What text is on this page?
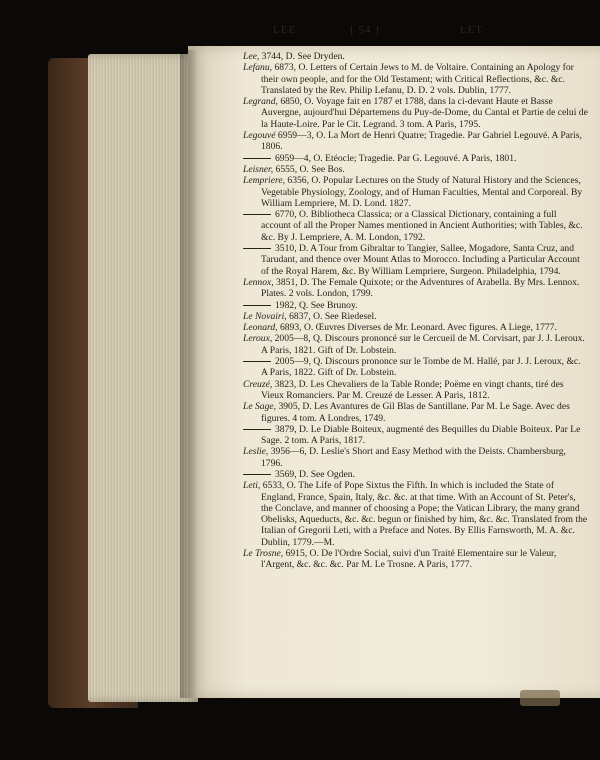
LEE	[ 54 ]	LET
Lee, 3744, D. See Dryden.
Lefanu, 6873, O. Letters of Certain Jews to M. de Voltaire. Containing an Apology for their own people, and for the Old Testament; with Critical Reflections, &c. &c. Translated by the Rev. Philip Lefanu, D. D. 2 vols. Dublin, 1777.
Legrand, 6850, O. Voyage fait en 1787 et 1788, dans la ci-devant Haute et Basse Auvergne, aujourd'hui Départemens du Puy-de-Dome, du Cantal et Partie de celui de la Haute-Loire. Par le Cit. Legrand. 3 tom. A Paris, 1795.
Legouvé 6959—3, O. La Mort de Henri Quatre; Tragedie. Par Gabriel Legouvé. A Paris, 1806.
6959—4, O. Etéocle; Tragedie. Par G. Legouvé. A Paris, 1801.
Leisner, 6555, O. See Bos.
Lempriere, 6356, O. Popular Lectures on the Study of Natural History and the Sciences, Vegetable Physiology, Zoology, and of Human Faculties, Mental and Corporeal. By William Lempriere, M. D. Lond. 1827.
6770, O. Bibliotheca Classica; or a Classical Dictionary, containing a full account of all the Proper Names mentioned in Ancient Authorities; with Tables, &c. &c. By J. Lempriere, A. M. London, 1792.
3510, D. A Tour from Gibraltar to Tangier, Sallee, Mogadore, Santa Cruz, and Tarudant, and thence over Mount Atlas to Morocco. Including a Particular Account of the Royal Harem, &c. By William Lempriere, Surgeon. Philadelphia, 1794.
Lennox, 3851, D. The Female Quixote; or the Adventures of Arabella. By Mrs. Lennox. Plates. 2 vols. London, 1799.
1982, Q. See Brunoy.
Le Novairi, 6837, O. See Riedesel.
Leonard, 6893, O. Œuvres Diverses de Mr. Leonard. Avec figures. A Liege, 1777.
Leroux, 2005—8, Q. Discours prononcé sur le Cercueil de M. Corvisart, par J. J. Leroux. A Paris, 1821. Gift of Dr. Lobstein.
2005—9, Q. Discours prononce sur le Tombe de M. Hallé, par J. J. Leroux, &c. A Paris, 1822. Gift of Dr. Lobstein.
Creuzé, 3823, D. Les Chevaliers de la Table Ronde; Poëme en vingt chants, tiré des Vieux Romanciers. Par M. Creuzé de Lesser. A Paris, 1812.
Le Sage, 3905, D. Les Avantures de Gil Blas de Santillane. Par M. Le Sage. Avec des figures. 4 tom. A Londres, 1749.
3879, D. Le Diable Boiteux, augmenté des Bequilles du Diable Boiteux. Par Le Sage. 2 tom. A Paris, 1817.
Leslie, 3956—6, D. Leslie's Short and Easy Method with the Deists. Chambersburg, 1796.
3569, D. See Ogden.
Leti, 6533, O. The Life of Pope Sixtus the Fifth. In which is included the State of England, France, Spain, Italy, &c. &c. at that time. With an Account of St. Peter's, the Conclave, and manner of choosing a Pope; the Vatican Library, the many grand Obelisks, Aqueducts, &c. &c. begun or finished by him, &c. &c. Translated from the Italian of Gregorii Leti, with a Preface and Notes. By Ellis Farnsworth, M. A. &c. Dublin, 1779.—M.
Le Trosne, 6915, O. De l'Ordre Social, suivi d'un Traité Elementaire sur le Valeur, l'Argent, &c. &c. &c. Par M. Le Trosne. A Paris, 1777.
